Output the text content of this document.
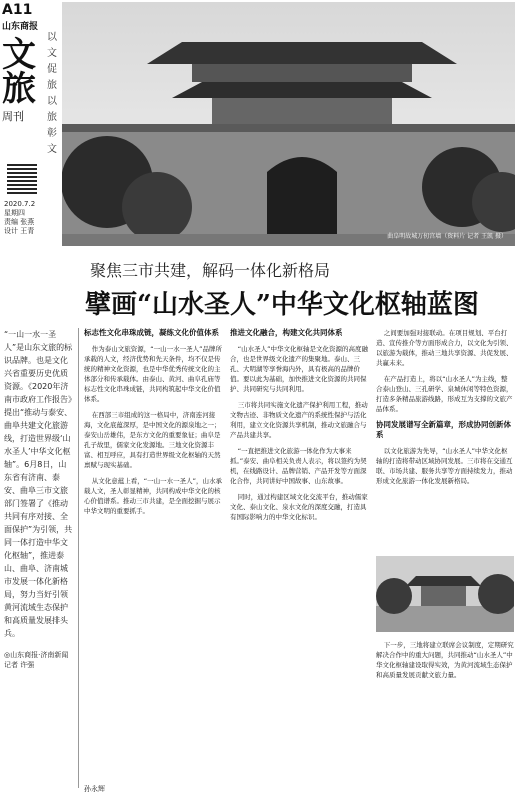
A11
山东商报
文旅
周刊
以
文
促
旅
以
旅
彰
文
2020.7.2
星期四
责编 张燕
设计 王青
曲阜明故城万仞宫墙（资料片 记者 王凯 摄）
聚焦三市共建，解码一体化新格局
擘画“山水圣人”中华文化枢轴蓝图
“一山一水一圣人”是山东文旅的标识品牌。也是文化兴省重要历史优质资源。《2020年济南市政府工作报告》提出“推动与泰安、曲阜共建文化旅游线，打造世界级‘山水圣人’中华文化枢轴”。6月8日，山东省有济南、泰安、曲阜三市文旅部门签署了《推动共同有序对接、全面保护”为引领，共同一体打造中华文化枢轴”，推进泰山、曲阜、济南城市发展一体化新格局，努力当好引领黄河流域生态保护和高质量发展排头兵。
◎山东商报·济南新闻记者 许强
标志性文化串珠成链，凝练文化价值体系

作为泰山文旅资源，“一山一水一圣人”品牌所承载的人文，经济优势和先天条件，均不仅是传统的精神文化资源，也是中华优秀传统文化的主体部分和传承载体。由泰山、黄河、曲阜孔庙等标志性文化串珠成链，共同构筑起中华文化价值体系。

在西部三市组成的这一格局中，济南连河接海，文化底蕴深厚，是中国文化的源泉地之一；泰安山岳雄伟，是东方文化的重要象征；曲阜是孔子故里，儒家文化发源地。三地文化资源丰富、相互呼应，具有打造世界级文化枢轴的天然禀赋与现实基础。

从文化意蕴上看，“一山一水一圣人”，山水承载人文，圣人彰显精神，共同构成中华文化的核心价值谱系。推动三市共建，是全面挖掘与展示中华文明的重要抓手。

推进文化融合，构建文化共同体系

“山水圣人”中华文化枢轴是文化资源的高度融合，也是世界级文化遗产的集聚地。泰山、三孔、大明湖等享誉海内外，具有极高的品牌价值。要以此为基础，加快推进文化资源的共同保护、共同研究与共同利用。

三市将共同实施文化遗产保护利用工程，推动文物古迹、非物质文化遗产的系统性保护与活化利用，建立文化资源共享机制，推动文旅融合与产品共建共享。

“一直把推进文化旅游一体化作为大事来抓。”泰安、曲阜相关负责人表示，将以签约为契机，在线路设计、品牌营销、产品开发等方面深化合作，共同讲好中国故事、山东故事。

同时，通过构建区域文化交流平台，推动儒家文化、泰山文化、泉水文化的深度交融，打造具有国际影响力的中华文化标识。

之间要加强对接联动。在项目规划、平台打造、宣传推介等方面形成合力，以文化为引领、以旅游为载体，推动三地共享资源、共促发展、共赢未来。

在产品打造上，将以“山水圣人”为主线，整合泰山登山、三孔研学、泉城休闲等特色资源，打造多条精品旅游线路，形成互为支撑的文旅产品体系。

协同发展谱写全新篇章，形成协同创新体系

以文化旅游为先导，“山水圣人”中华文化枢轴的打造将带动区域协同发展。三市将在交通互联、市场共建、服务共享等方面持续发力，推动形成文化旅游一体化发展新格局。

下一步，三地将建立联席会议制度，定期研究解决合作中的重大问题，共同推动“山水圣人”中华文化枢轴建设取得实效，为黄河流域生态保护和高质量发展贡献文旅力量。

孙永辉
